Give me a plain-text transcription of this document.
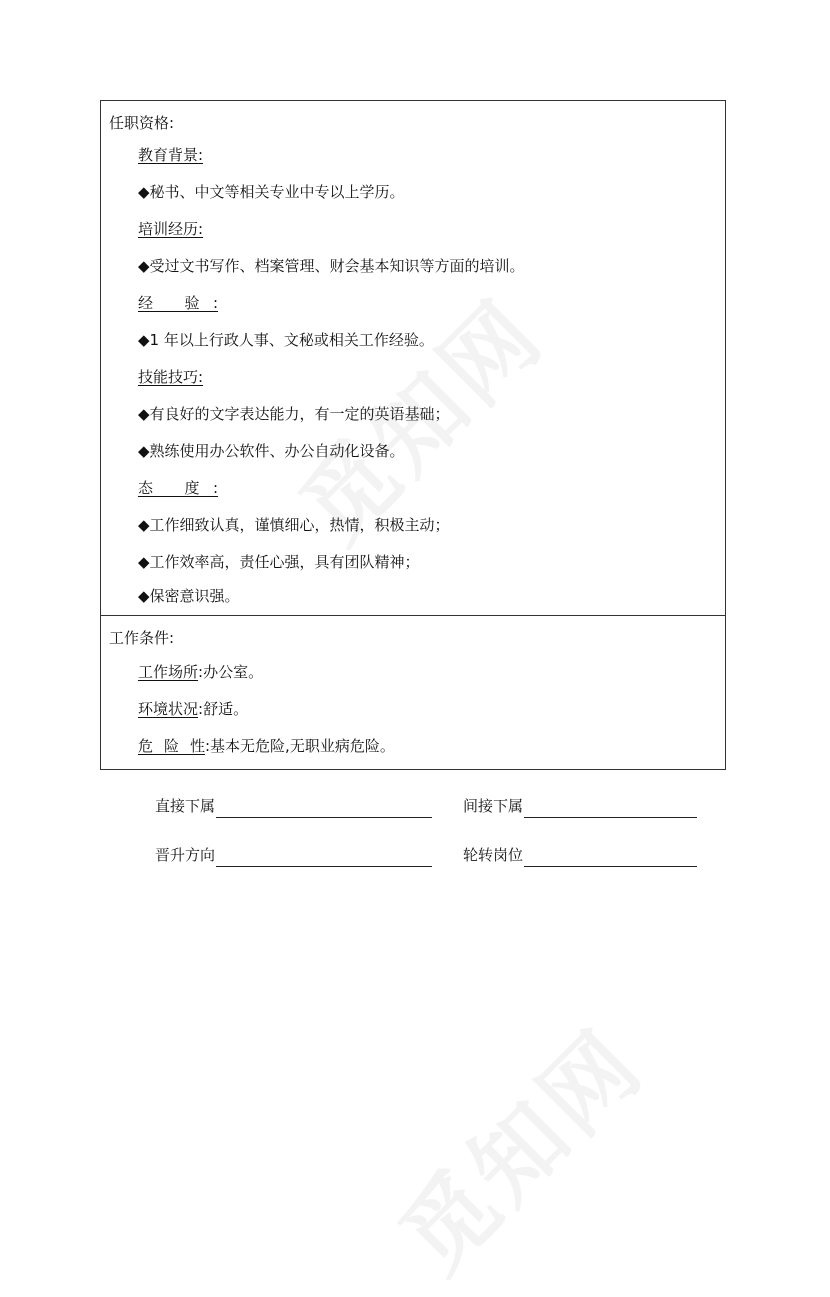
任职资格:
教育背景:
◆秘书、中文等相关专业中专以上学历。
培训经历:
◆受过文书写作、档案管理、财会基本知识等方面的培训。
经 验:
◆1 年以上行政人事、文秘或相关工作经验。
技能技巧:
◆有良好的文字表达能力，有一定的英语基础；
◆熟练使用办公软件、办公自动化设备。
态 度:
◆工作细致认真，谨慎细心，热情，积极主动；
◆工作效率高，责任心强，具有团队精神；
◆保密意识强。
工作条件:
工作场所:办公室。
环境状况:舒适。
危 险 性:基本无危险,无职业病危险。
直接下属	间接下属
晋升方向	轮转岗位
